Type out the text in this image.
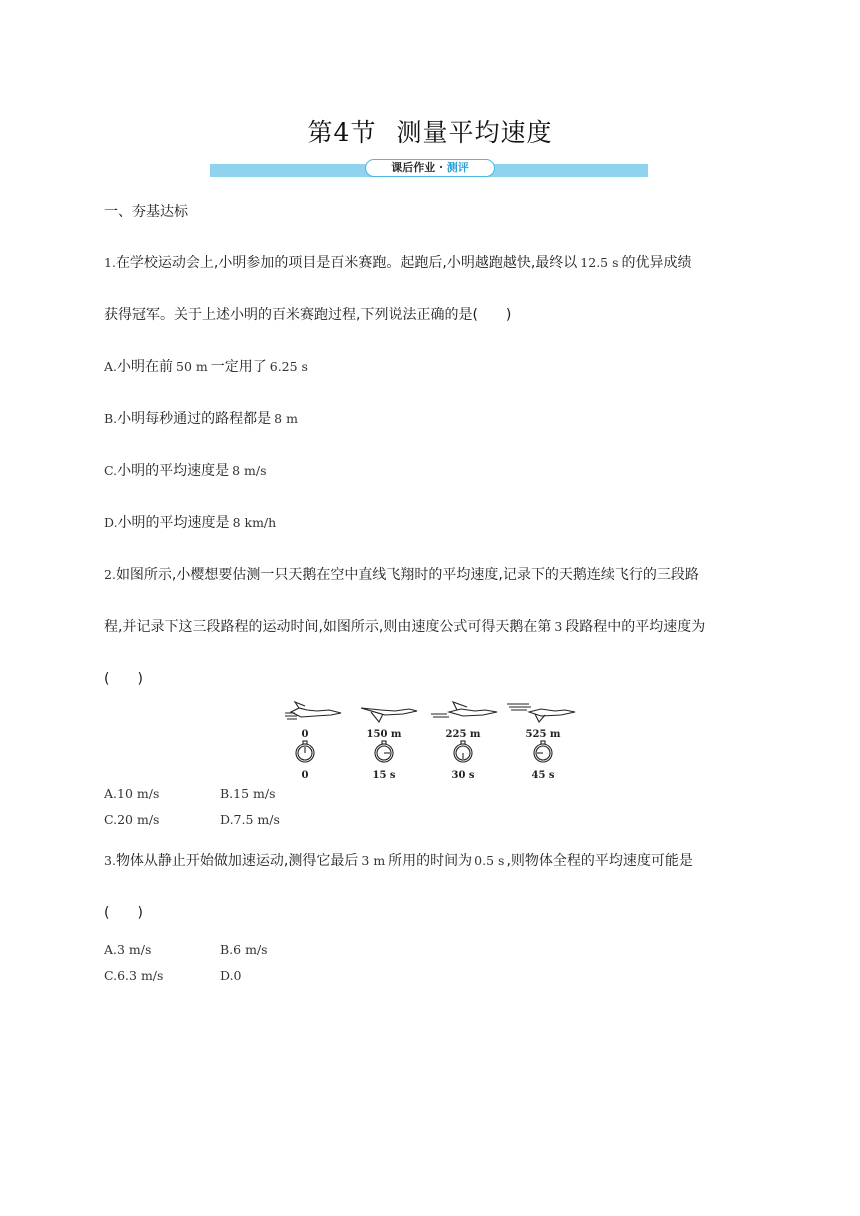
第4节 测量平均速度
课后作业 · 测评
一、夯基达标
1.在学校运动会上,小明参加的项目是百米赛跑。起跑后,小明越跑越快,最终以 12.5 s 的优异成绩
获得冠军。关于上述小明的百米赛跑过程,下列说法正确的是(　　)
A.小明在前 50 m 一定用了 6.25 s
B.小明每秒通过的路程都是 8 m
C.小明的平均速度是 8 m/s
D.小明的平均速度是 8 km/h
2.如图所示,小樱想要估测一只天鹅在空中直线飞翔时的平均速度,记录下的天鹅连续飞行的三段路
程,并记录下这三段路程的运动时间,如图所示,则由速度公式可得天鹅在第 3 段路程中的平均速度为
(　　)
0	150 m	225 m	525 m
0	15 s	30 s	45 s
A.10 m/s	B.15 m/s
C.20 m/s	D.7.5 m/s
3.物体从静止开始做加速运动,测得它最后 3 m 所用的时间为 0.5 s ,则物体全程的平均速度可能是
(　　)
A.3 m/s	B.6 m/s
C.6.3 m/s	D.0
